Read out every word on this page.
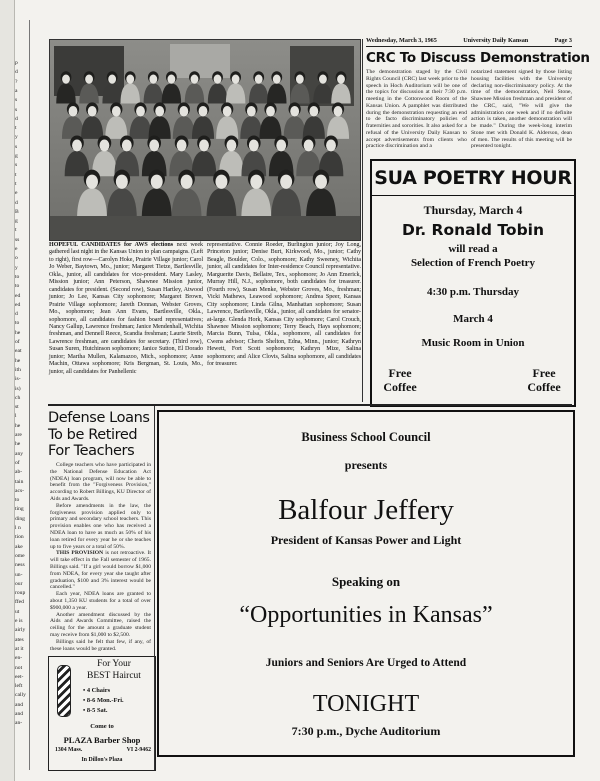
p
d
?
a
s
s
d
t
y
s
g
s
t
t
e
d
B
g
t
ss
e
o
y
to
to
ed
ed
d
to
he
of
eat
he
ith
is-
is)
ch
st
l
he
are
he
any
of
ab-
tain
acs-
to
ting
ding
l n
tion
ake
ome
ness
un-
our
roup
ffed
ut
e is
airly
ates
at it
en-
not
eet-
left
cally
and
and
an-
Wednesday, March 3, 1965	University Daily Kansan	Page 3
HOPEFUL CANDIDATES for AWS elections next week gathered last night in the Kansas Union to plan campaigns. (Left to right), first row—Carolyn Hoke, Prairie Village junior; Carol Jo Weber, Baytown, Mo., junior; Margaret Tietze, Bartlesville, Okla., junior, all candidates for vice-president. Mary Lasley, Mission junior; Ann Peterson, Shawnee Mission junior, candidates for president. (Second row), Susan Hartley, Atwood junior; Jo Lee, Kansas City sophomore; Margaret Brown, Prairie Village sophomore; Jareth Donnan, Webster Groves, Mo., sophomore; Jean Ann Evans, Bartlesville, Okla., sophomore, all candidates for fashion board representatives; Nancy Gallup, Lawrence freshman; Janice Mendenhall, Wichita freshman, and Dennell Reece, Scandia freshman; Laurie Streib, Lawrence freshman, are candidates for secretary. (Third row), Susan Suren, Hutchinson sophomore; Janice Sutton, El Dorado junior; Martha Mullen, Kalamazoo, Mich., sophomore; Anne Machin, Ottawa sophomore; Kris Bergman, St. Louis, Mo., junior, all candidates for Panhellenic
representative. Connie Roeder, Burlington junior; Joy Long, Princeton junior; Denise Burt, Kirkwood, Mo., junior; Cathy Beagle, Boulder, Colo., sophomore; Kathy Sweeney, Wichita junior, all candidates for Inter-residence Council representative. Marguerite Davis, Bellaire, Tex., sophomore; Jo Ann Emerick, Murray Hill, N.J., sophomore, both candidates for treasurer. (Fourth row), Susan Menke, Webster Groves, Mo., freshman; Vicki Mathews, Leawood sophomore; Andrea Speer, Kansas City sophomore; Linda Gilna, Manhattan sophomore; Susan Lawrence, Bartlesville, Okla., junior, all candidates for senator-at-large. Glenda Hork, Kansas City sophomore; Carol Crouch, Shawnee Mission sophomore; Terry Beach, Hays sophomore; Marcia Bunn, Tulsa, Okla., sophomore, all candidates for Cwens advisor; Cheris Shelton, Edna, Minn., junior; Kathryn Hewett, Fort Scott sophomore; Kathryn Mize, Salina sophomore; and Alice Clovis, Salina sophomore, all candidates for treasurer.
CRC To Discuss Demonstration
The demonstration staged by the Civil Rights Council (CRC) last week prior to the speech in Hoch Auditorium will be one of the topics for discussion at their 7:30 p.m. meeting in the Cottonwood Room of the Kansas Union. A pamphlet was distributed during the demonstration requesting an end to de facto discriminatory policies of fraternities and sororities. It also asked for a refusal of the University Daily Kansan to accept advertisements from clients who practice discrimination and a
notarized statement signed by those listing housing facilities with the University declaring non-discriminatory policy. At the time of the demonstration, Neil Stone, Shawnee Mission freshman and president of the CRC, said, "We will give the administration one week and if no definite action is taken, another demonstration will be made." During the week-long interim Stone met with Donald K. Alderson, dean of men. The results of this meeting will be presented tonight.
SUA POETRY HOUR
Thursday, March 4
Dr. Ronald Tobin
will read a
Selection of French Poetry
4:30 p.m. Thursday
March 4
Music Room in Union
Free
Coffee
Free
Coffee
Defense Loans To be Retired For Teachers
College teachers who have participated in the National Defense Education Act (NDEA) loan program, will now be able to benefit from the "Forgiveness Provision," according to Robert Billings, KU Director of Aids and Awards.
Before amendments in the law, the forgiveness provision applied only to primary and secondary school teachers. This provision enables one who has received a NDEA loan to have as much as 50% of his loan retired for every year he or she teaches up to five years or a total of 50%.
THIS PROVISION is not retroactive. It will take effect in the Fall semester of 1965. Billings said. "If a girl would borrow $1,000 from NDEA, for every year she taught after graduation, $100 and 3% interest would be cancelled."
Each year, NDEA loans are granted to about 1,350 KU students for a total of over $900,000 a year.
Another amendment discussed by the Aids and Awards Committee, raised the ceiling for the amount a graduate student may receive from $1,000 to $2,500.
Billings said he felt that few, if any, of these loans would be granted.
For Your
BEST Haircut
• 4 Chairs
• 8-6 Mon.-Fri.
• 8-5 Sat.
Come to
PLAZA Barber Shop
1304 Mass.	VI 2-9462
In Dillon's Plaza
Business School Council
presents
Balfour Jeffery
President of Kansas Power and Light
Speaking on
“Opportunities in Kansas”
Juniors and Seniors Are Urged to Attend
TONIGHT
7:30 p.m., Dyche Auditorium
